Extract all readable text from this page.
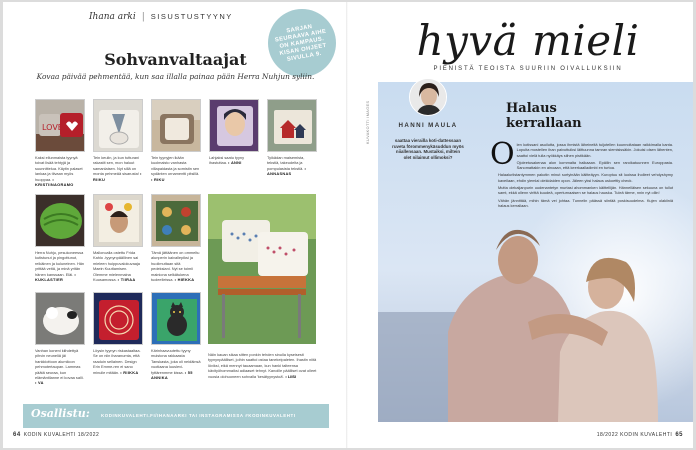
Ihana arki | SISUSTUSTYYNY
SARJAN SEURAAVA AIHE ON KAMPAUS. KISAN OHJEET SIVULLA 9.
Sohvanvaltaajat
Kovaa päivää pehmentää, kun saa illalla painaa pään Herra Nuhjun syliin.
LOVE
Kaksi ellunmaista tyynyä toivat lisää tehtyjä ja suunnittelua. Käytin palaset lankaa ja tiivaan myös huoppaa. • KRISTIINAORAMO
Tein keulin, ja kun tutturani rakastit sen, mon haluut samanlaisen. Nyt sillä on monta pehmeää sisarusta! • RIIKU
Tein tyynyjen ikään kuolmaisto vanhasta villapaidasta ja somistin sen sydänten ornamentti pitsillä. • RIKU
Lahjaksi saatu tyyny ihastuttaa. • ANNI
Tyikädan maisemista, tekstiä, takeudelta ja pompulasista tekstiä. • ANNASNAS
Herra Nuhju, pesukoneessa kutistunut ja pingottunut, reikäinen ja kuluneinen. Hän yrittää veitä, ja minä yritän hänen kanssaan. Eläi. • KUKLASTIER
Malloncalla ostettu Frida Kahlo -tyynynpäällinen sai mieleen huippuvalokuvaaja Maein Kuuttamisen. Olemme mielenmaina Kuusamossa. • TIIRAA
Tämä jättäänen on ommeltu alunperin kaivallepiksi ja huolimuttaan sitä pedeksiani. Nyt se toimii mainiona selkätukena tuoleelleissa. • HIEKKA
Vanhan koneni kiihdettyä pihvin neuneliä jäi hankkiottoon alumiloon pehmotertaupan. Lammas päätä seuraa, kun elämäntilanne ei kovaa salli. • VA
Löysin tyynyn riskastaaltaa. Se on niin iharanumta, että raaduin sellainen. Design Erin Emme-ren ei sano minulle mitään. • RIIKKA
Kärinhaavuutettu tyyny muistona rakkaasta Tanskasta, joka oli neidäinsä vuotiaana luuslevi-fyttärenmme kissa. • 55 ANNIKA
Näin kauan sikaa sitten ponkin tehden sinulla kyseisesti tyynynpäälliset, joihin saattoi ostaa tanekeipaleten. Ihastin niitä löviksi, eikä mennyt tauaamaan, kun hanki talteensa kävityöhommaiksi adiaaset tehnyt. Kanoille päälliset ovat olleet vuosia olohuoneen sohvalla 'kesätyynystoä'. • LIISI
Osallistu:	KODINKUVALEHTI.FI/IHANAARKI TAI INSTAGRAMISSA #KODINKUVALEHTI
64 KODIN KUVALEHTI 18/2022
hyvä mieli
PIENISTÄ TEOISTA SUURIIN OIVALLUKSIIN
KUVAKOTTI IMAGES	HANNI MAULA
saattaa vierailla koti-dattessaan ruveta förommenykäsuddun myös niiallensaan. Mustaiksi, miltein olet nilaimut ollimoksi?
Halaus
kerrallaan
O len kotissani asuilutta, jossa ihmistä läheineitä tuijotellen kuunnoltataan raikkimalla kanta. Lopulta mostellen ihan paivuttuiksi läittuunna tamran siemisissäkin. Jokuisi olsen lähenten, saattoi vielä tulla nyökkäys siihen pistikään.

Ojoleetusakenaa alon kommalta haikaaan. Epäilin sen raroikatuunnen Europpasta. Sanomattakin en ainoaan, että keerkaalladimbi en turtoa.

Halaaluriistantymmen pakotin minut sortyinään käitteäyyn. Kuroptuu sit luoissa iholleet vehdyshymy kaveilaan, ehdin ylemlai olekidaiden opon. Jäleen yksi halaus uskoettiy check.

Mutta olekaljanpurin uudenantetyn murtasi ahommanken käittellijän. Hännelläisen sekuuna on tullut samt, ekkä ollenn virittä kuudeä, operturnaaisen se halaus hauska. Tuleä tärme, nnin nyt ollin!

Vähän jännittää, mihin tämä vei johtaa. Tunnelin päässä siintää poskisuudelma. Kujen olakiiniä halaus kerrallaan.

18/2022 KODIN KUVALEHTI 65
